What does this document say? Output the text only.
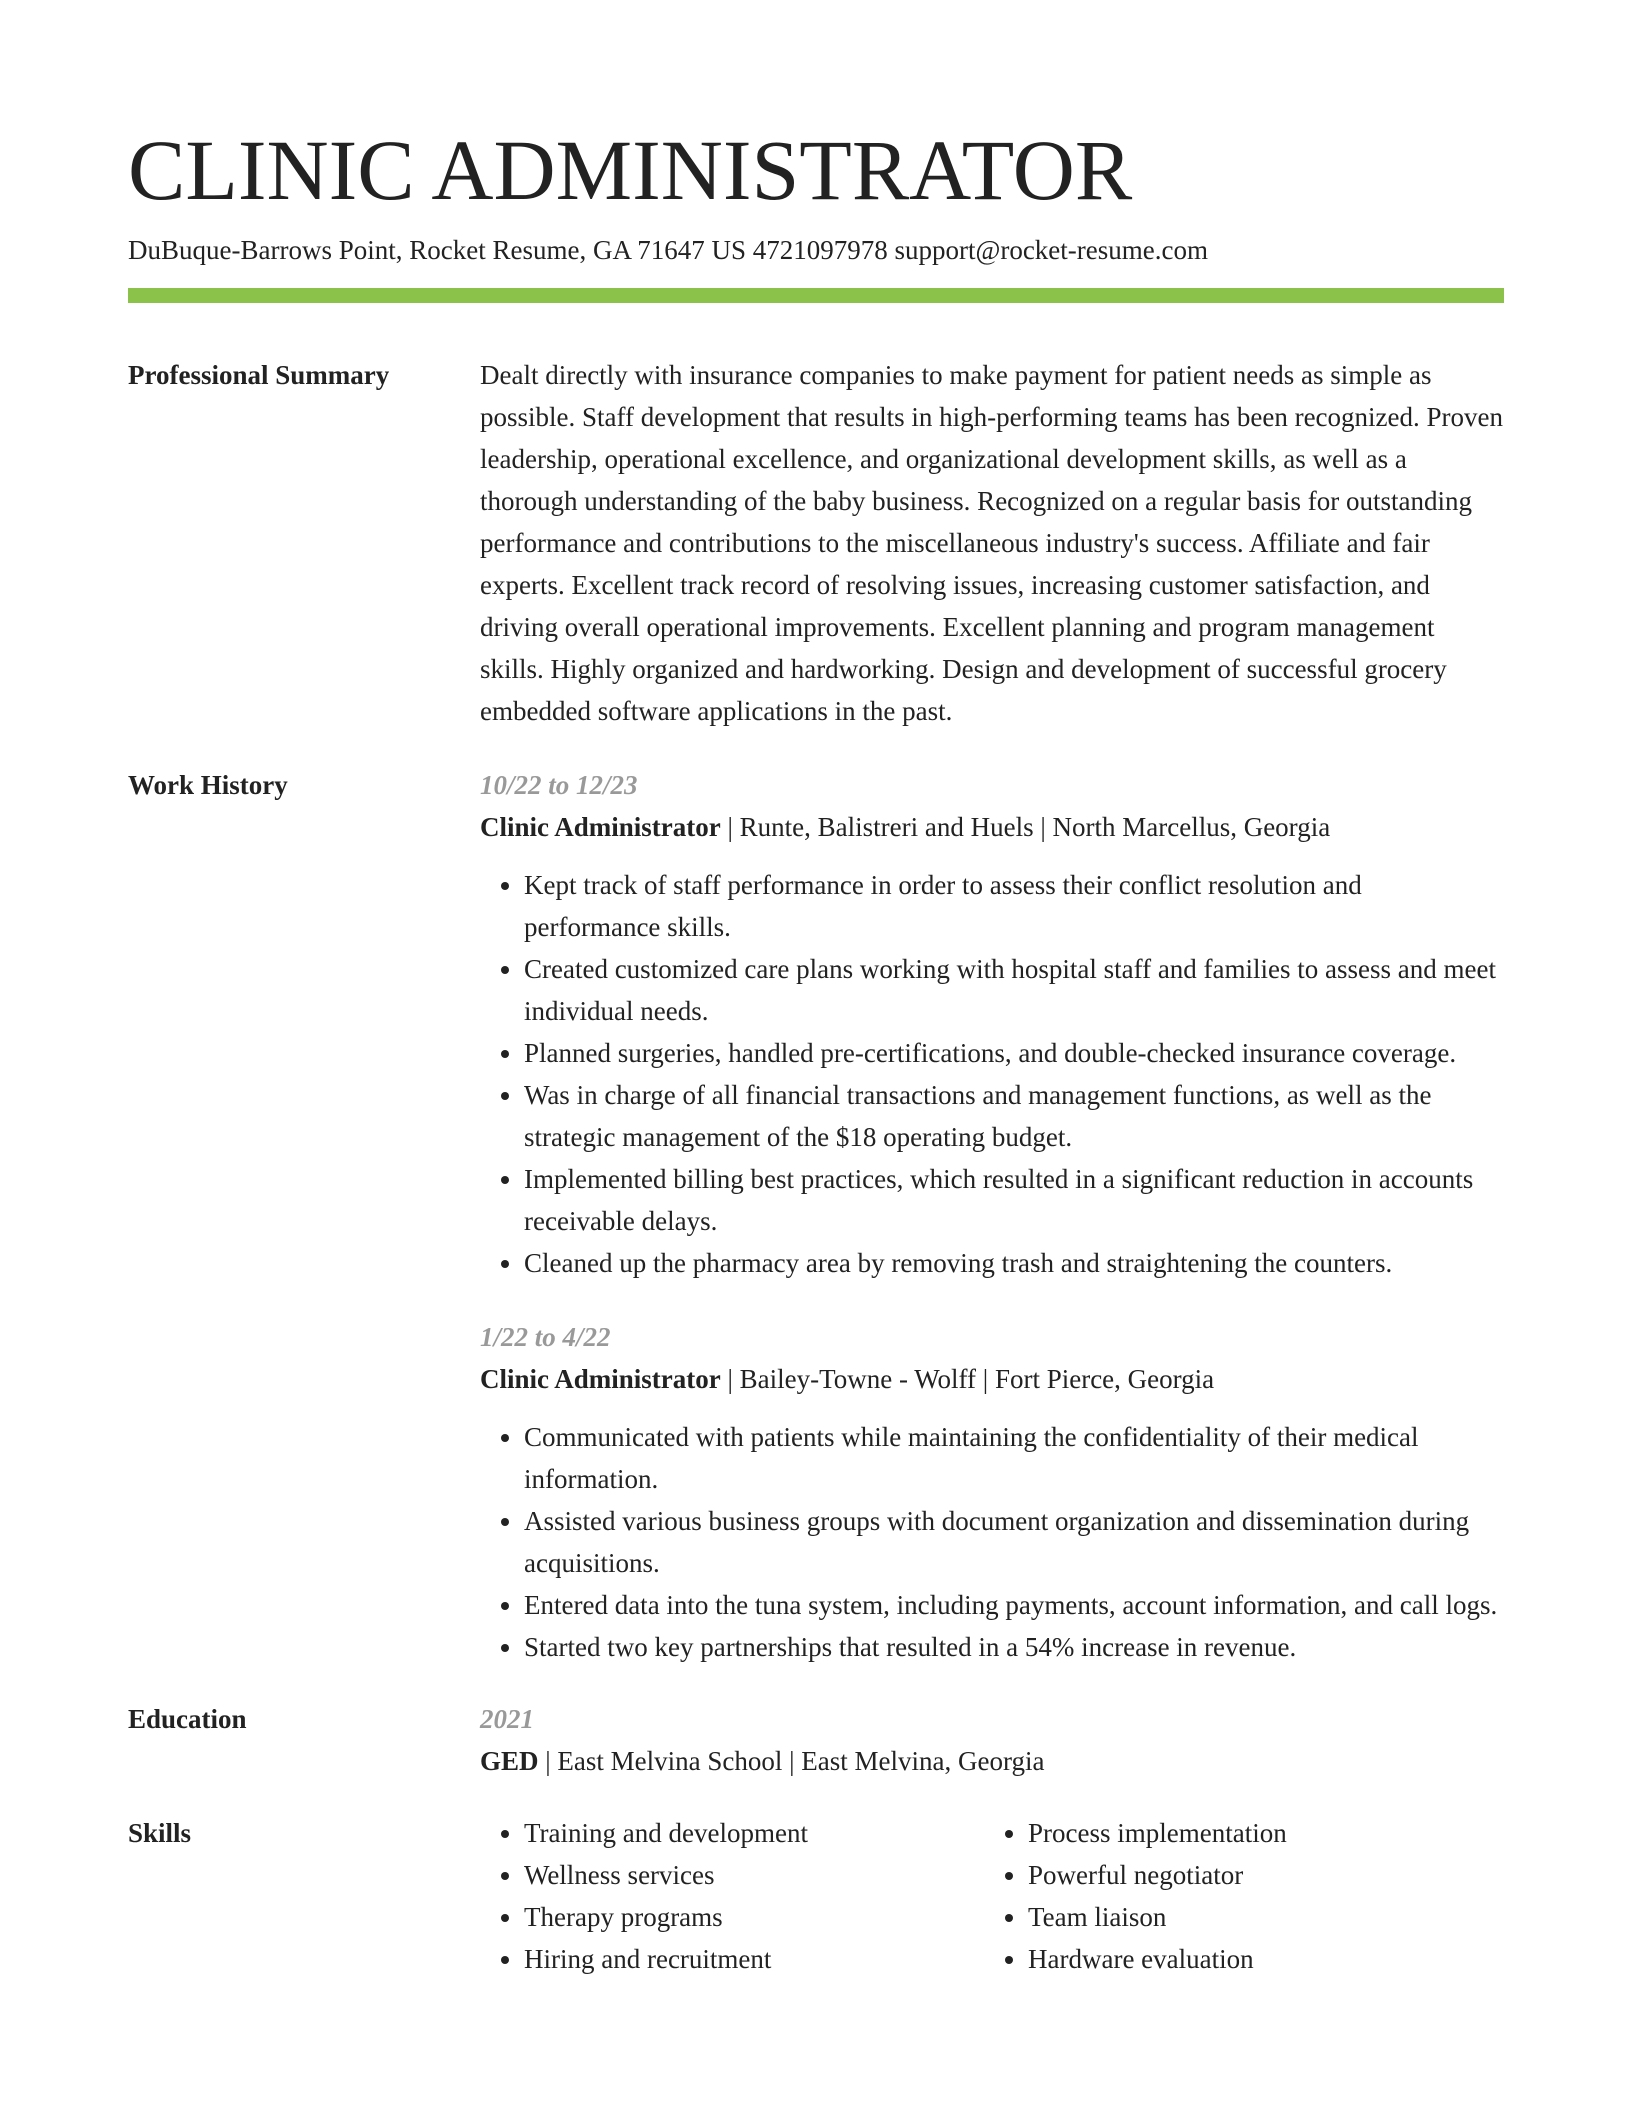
CLINIC ADMINISTRATOR
DuBuque-Barrows Point, Rocket Resume, GA 71647 US 4721097978 support@rocket-resume.com
Professional Summary	Dealt directly with insurance companies to make payment for patient needs as simple as possible. Staff development that results in high-performing teams has been recognized. Proven leadership, operational excellence, and organizational development skills, as well as a thorough understanding of the baby business. Recognized on a regular basis for outstanding performance and contributions to the miscellaneous industry's success. Affiliate and fair experts. Excellent track record of resolving issues, increasing customer satisfaction, and driving overall operational improvements. Excellent planning and program management skills. Highly organized and hardworking. Design and development of successful grocery embedded software applications in the past.

Work History	10/22 to 12/23
Clinic Administrator | Runte, Balistreri and Huels | North Marcellus, Georgia
• Kept track of staff performance in order to assess their conflict resolution and performance skills.
• Created customized care plans working with hospital staff and families to assess and meet individual needs.
• Planned surgeries, handled pre-certifications, and double-checked insurance coverage.
• Was in charge of all financial transactions and management functions, as well as the strategic management of the $18 operating budget.
• Implemented billing best practices, which resulted in a significant reduction in accounts receivable delays.
• Cleaned up the pharmacy area by removing trash and straightening the counters.
1/22 to 4/22
Clinic Administrator | Bailey-Towne - Wolff | Fort Pierce, Georgia
• Communicated with patients while maintaining the confidentiality of their medical information.
• Assisted various business groups with document organization and dissemination during acquisitions.
• Entered data into the tuna system, including payments, account information, and call logs.
• Started two key partnerships that resulted in a 54% increase in revenue.
Education	2021
GED | East Melvina School | East Melvina, Georgia
Skills
•	Training and development
• Wellness services
• Therapy programs
• Hiring and recruitment
• Process implementation
• Powerful negotiator
• Team liaison
• Hardware evaluation
